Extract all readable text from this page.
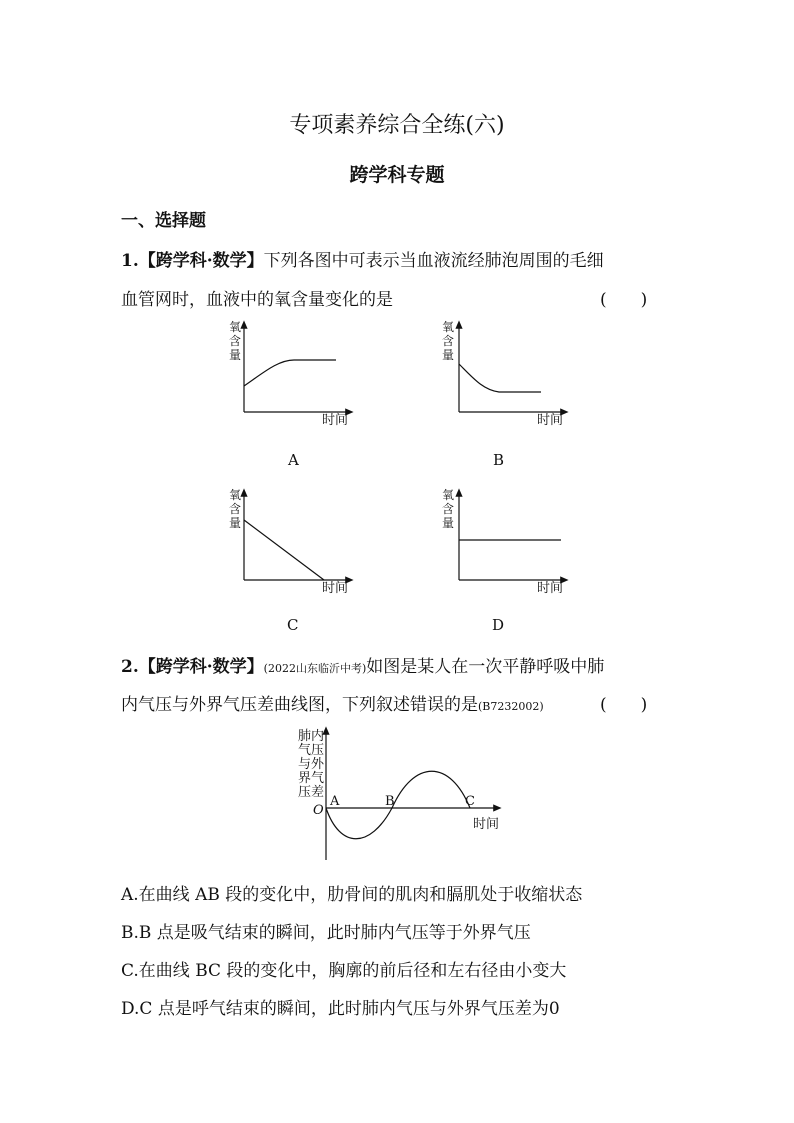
专项素养综合全练(六)
跨学科专题
一、选择题
1.【跨学科·数学】下列各图中可表示当血液流经肺泡周围的毛细
血管网时，血液中的氧含量变化的是	(　　)
氧
含
量
时间
A
氧
含
量
时间
B
氧
含
量
时间
C
氧
含
量
时间
D
2.【跨学科·数学】(2022山东临沂中考)如图是某人在一次平静呼吸中肺
内气压与外界气压差曲线图，下列叙述错误的是(B7232002)	(　　)
肺内
气压
与外
界气
压差
O
A	B	C
时间
A.在曲线 AB 段的变化中，肋骨间的肌肉和膈肌处于收缩状态
B.B 点是吸气结束的瞬间，此时肺内气压等于外界气压
C.在曲线 BC 段的变化中，胸廓的前后径和左右径由小变大
D.C 点是呼气结束的瞬间，此时肺内气压与外界气压差为0
